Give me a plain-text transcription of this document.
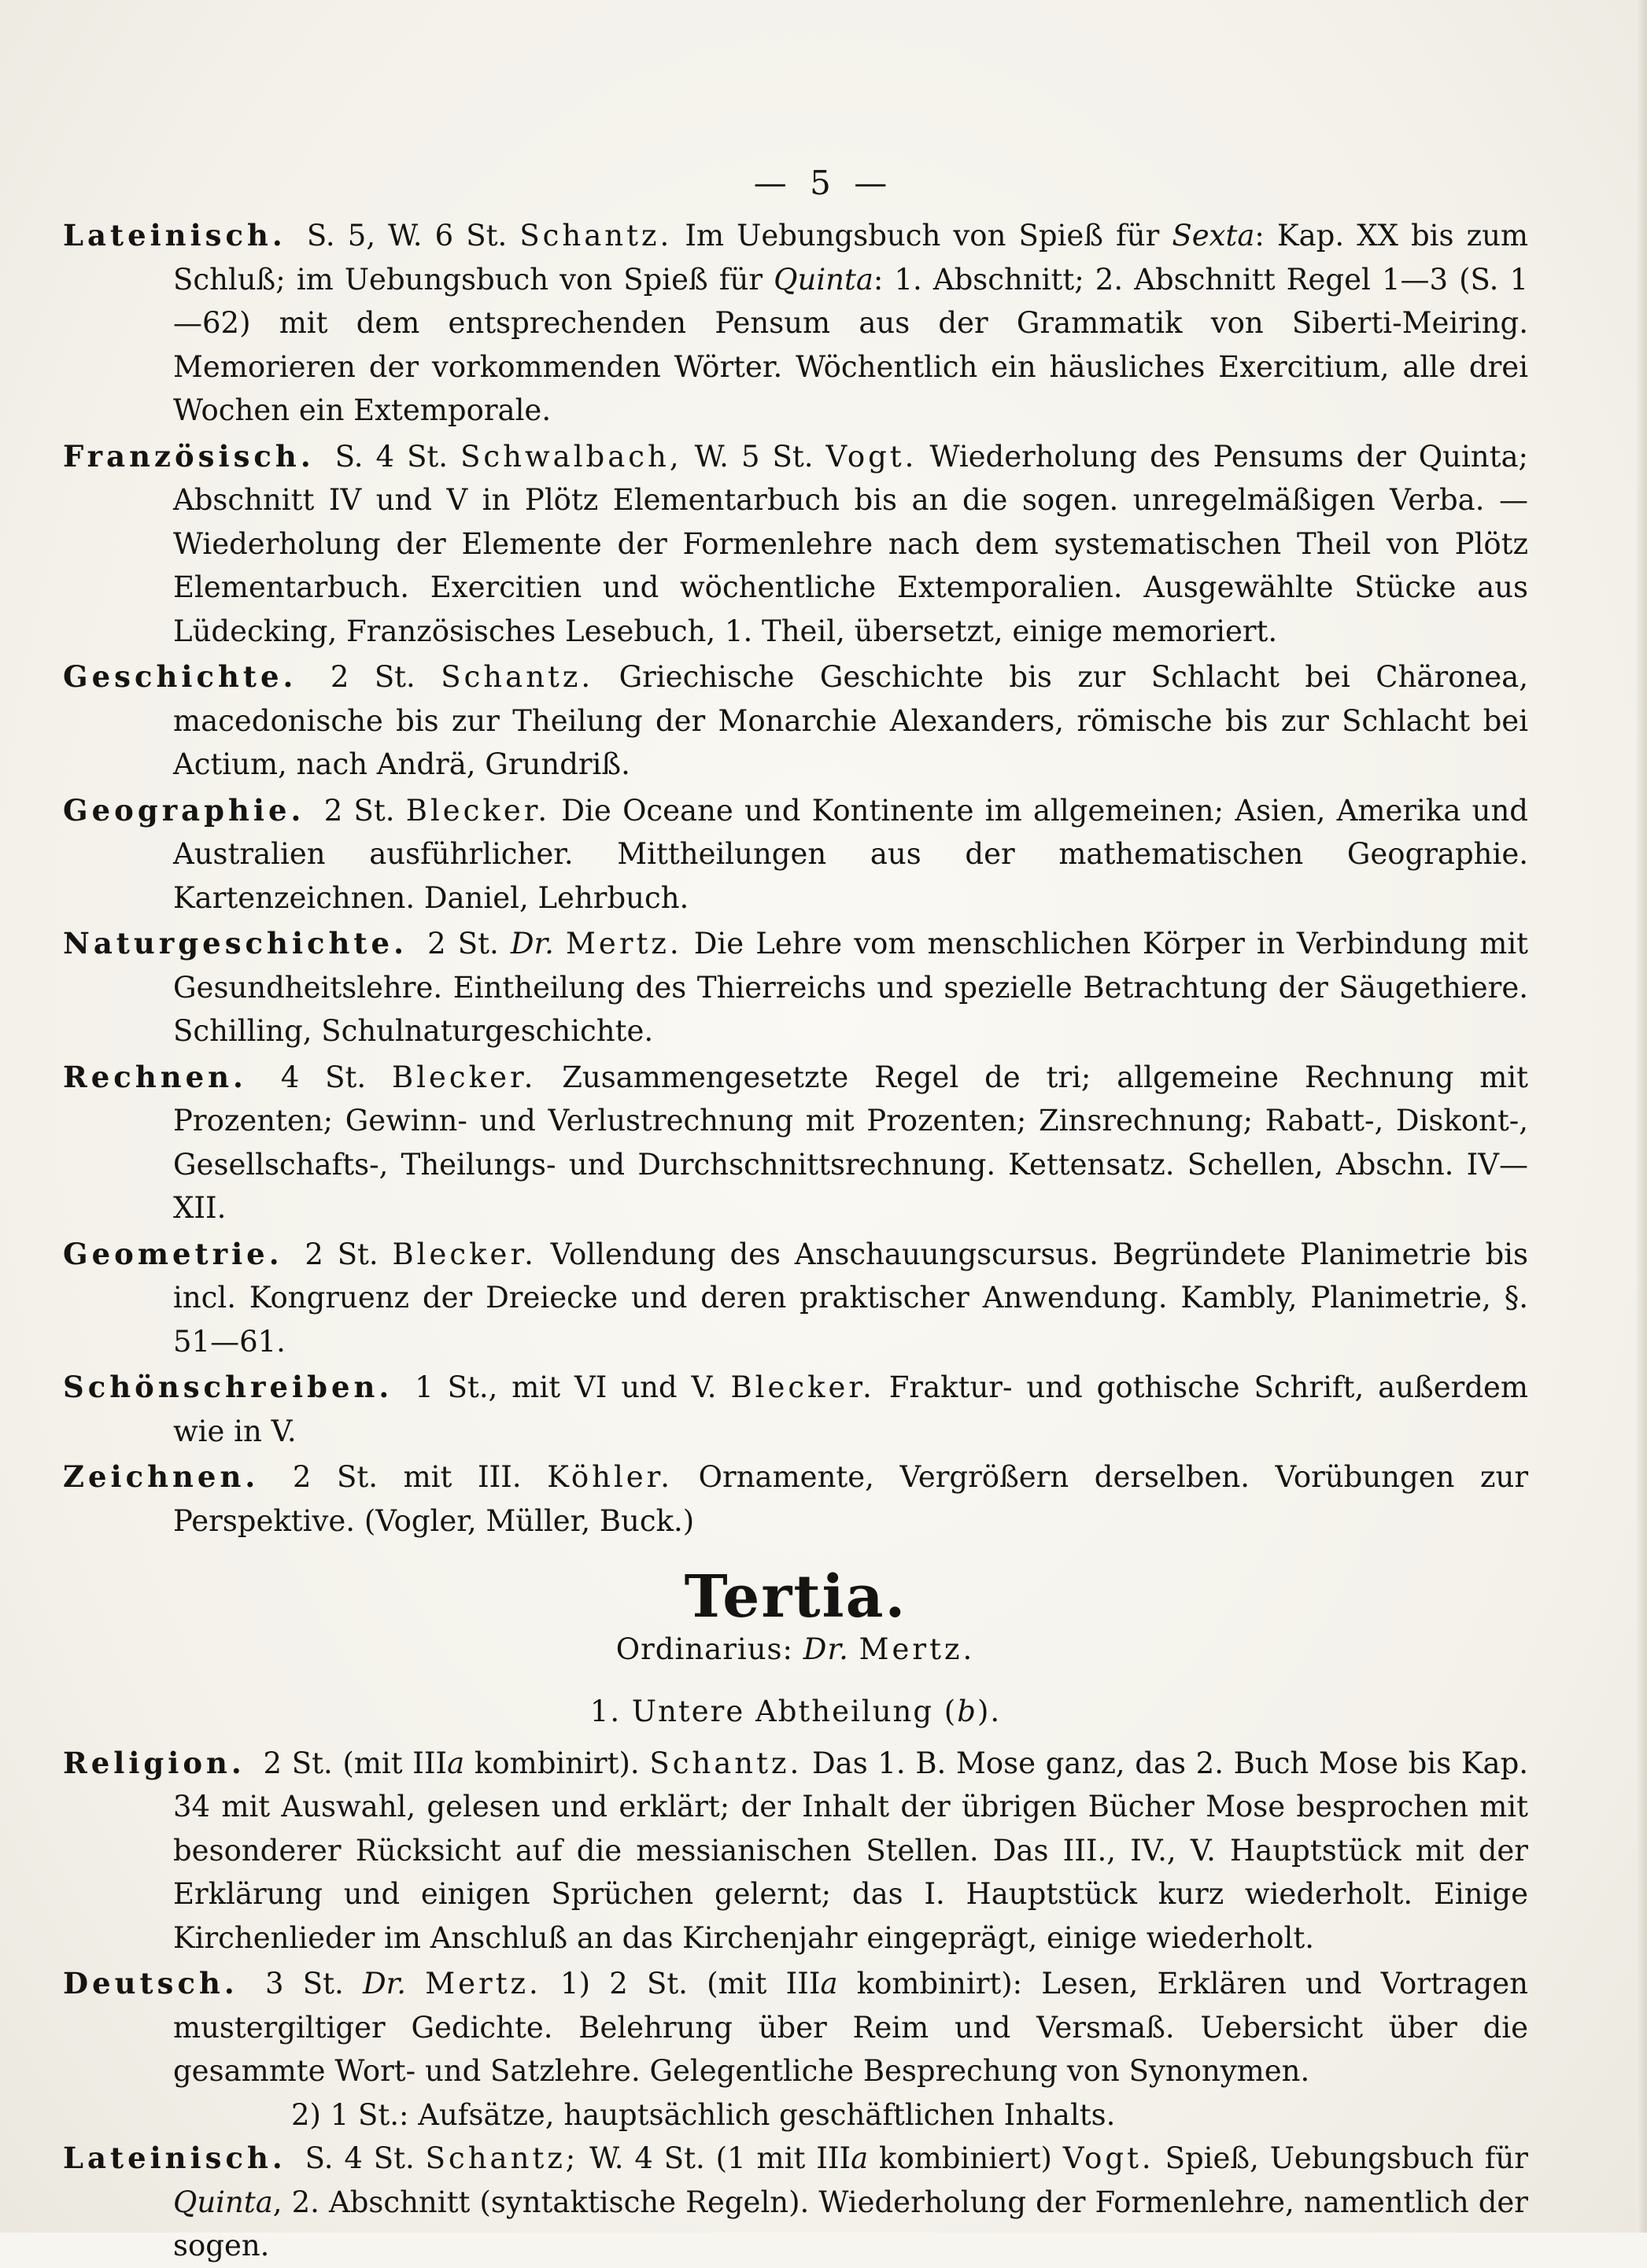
— 5 —

Lateinisch. S. 5, W. 6 St. Schantz. Im Uebungsbuch von Spieß für Sexta: Kap. XX bis zum Schluß; im Uebungsbuch von Spieß für Quinta: 1. Abschnitt; 2. Abschnitt Regel 1—3 (S. 1—62) mit dem entsprechenden Pensum aus der Grammatik von Siberti-Meiring. Memorieren der vorkommenden Wörter. Wöchentlich ein häusliches Exercitium, alle drei Wochen ein Extemporale.

Französisch. S. 4 St. Schwalbach, W. 5 St. Vogt. Wiederholung des Pensums der Quinta; Abschnitt IV und V in Plötz Elementarbuch bis an die sogen. unregelmäßigen Verba. — Wiederholung der Elemente der Formenlehre nach dem systematischen Theil von Plötz Elementarbuch. Exercitien und wöchentliche Extemporalien. Ausgewählte Stücke aus Lüdecking, Französisches Lesebuch, 1. Theil, übersetzt, einige memoriert.

Geschichte. 2 St. Schantz. Griechische Geschichte bis zur Schlacht bei Chäronea, macedonische bis zur Theilung der Monarchie Alexanders, römische bis zur Schlacht bei Actium, nach Andrä, Grundriß.

Geographie. 2 St. Blecker. Die Oceane und Kontinente im allgemeinen; Asien, Amerika und Australien ausführlicher. Mittheilungen aus der mathematischen Geographie. Kartenzeichnen. Daniel, Lehrbuch.

Naturgeschichte. 2 St. Dr. Mertz. Die Lehre vom menschlichen Körper in Verbindung mit Gesundheitslehre. Eintheilung des Thierreichs und spezielle Betrachtung der Säugethiere. Schilling, Schulnaturgeschichte.

Rechnen. 4 St. Blecker. Zusammengesetzte Regel de tri; allgemeine Rechnung mit Prozenten; Gewinn- und Verlustrechnung mit Prozenten; Zinsrechnung; Rabatt-, Diskont-, Gesellschafts-, Theilungs- und Durchschnittsrechnung. Kettensatz. Schellen, Abschn. IV—XII.

Geometrie. 2 St. Blecker. Vollendung des Anschauungscursus. Begründete Planimetrie bis incl. Kongruenz der Dreiecke und deren praktischer Anwendung. Kambly, Planimetrie, §. 51—61.

Schönschreiben. 1 St., mit VI und V. Blecker. Fraktur- und gothische Schrift, außerdem wie in V.

Zeichnen. 2 St. mit III. Köhler. Ornamente, Vergrößern derselben. Vorübungen zur Perspektive. (Vogler, Müller, Buck.)

Tertia.

Ordinarius: Dr. Mertz.

1. Untere Abtheilung (b).

Religion. 2 St. (mit IIIa kombinirt). Schantz. Das 1. B. Mose ganz, das 2. Buch Mose bis Kap. 34 mit Auswahl, gelesen und erklärt; der Inhalt der übrigen Bücher Mose besprochen mit besonderer Rücksicht auf die messianischen Stellen. Das III., IV., V. Hauptstück mit der Erklärung und einigen Sprüchen gelernt; das I. Hauptstück kurz wiederholt. Einige Kirchenlieder im Anschluß an das Kirchenjahr eingeprägt, einige wiederholt.

Deutsch. 3 St. Dr. Mertz. 1) 2 St. (mit IIIa kombinirt): Lesen, Erklären und Vortragen mustergiltiger Gedichte. Belehrung über Reim und Versmaß. Uebersicht über die gesammte Wort- und Satzlehre. Gelegentliche Besprechung von Synonymen.

2) 1 St.: Aufsätze, hauptsächlich geschäftlichen Inhalts.

Lateinisch. S. 4 St. Schantz; W. 4 St. (1 mit IIIa kombiniert) Vogt. Spieß, Uebungsbuch für Quinta, 2. Abschnitt (syntaktische Regeln). Wiederholung der Formenlehre, namentlich der sogen.
